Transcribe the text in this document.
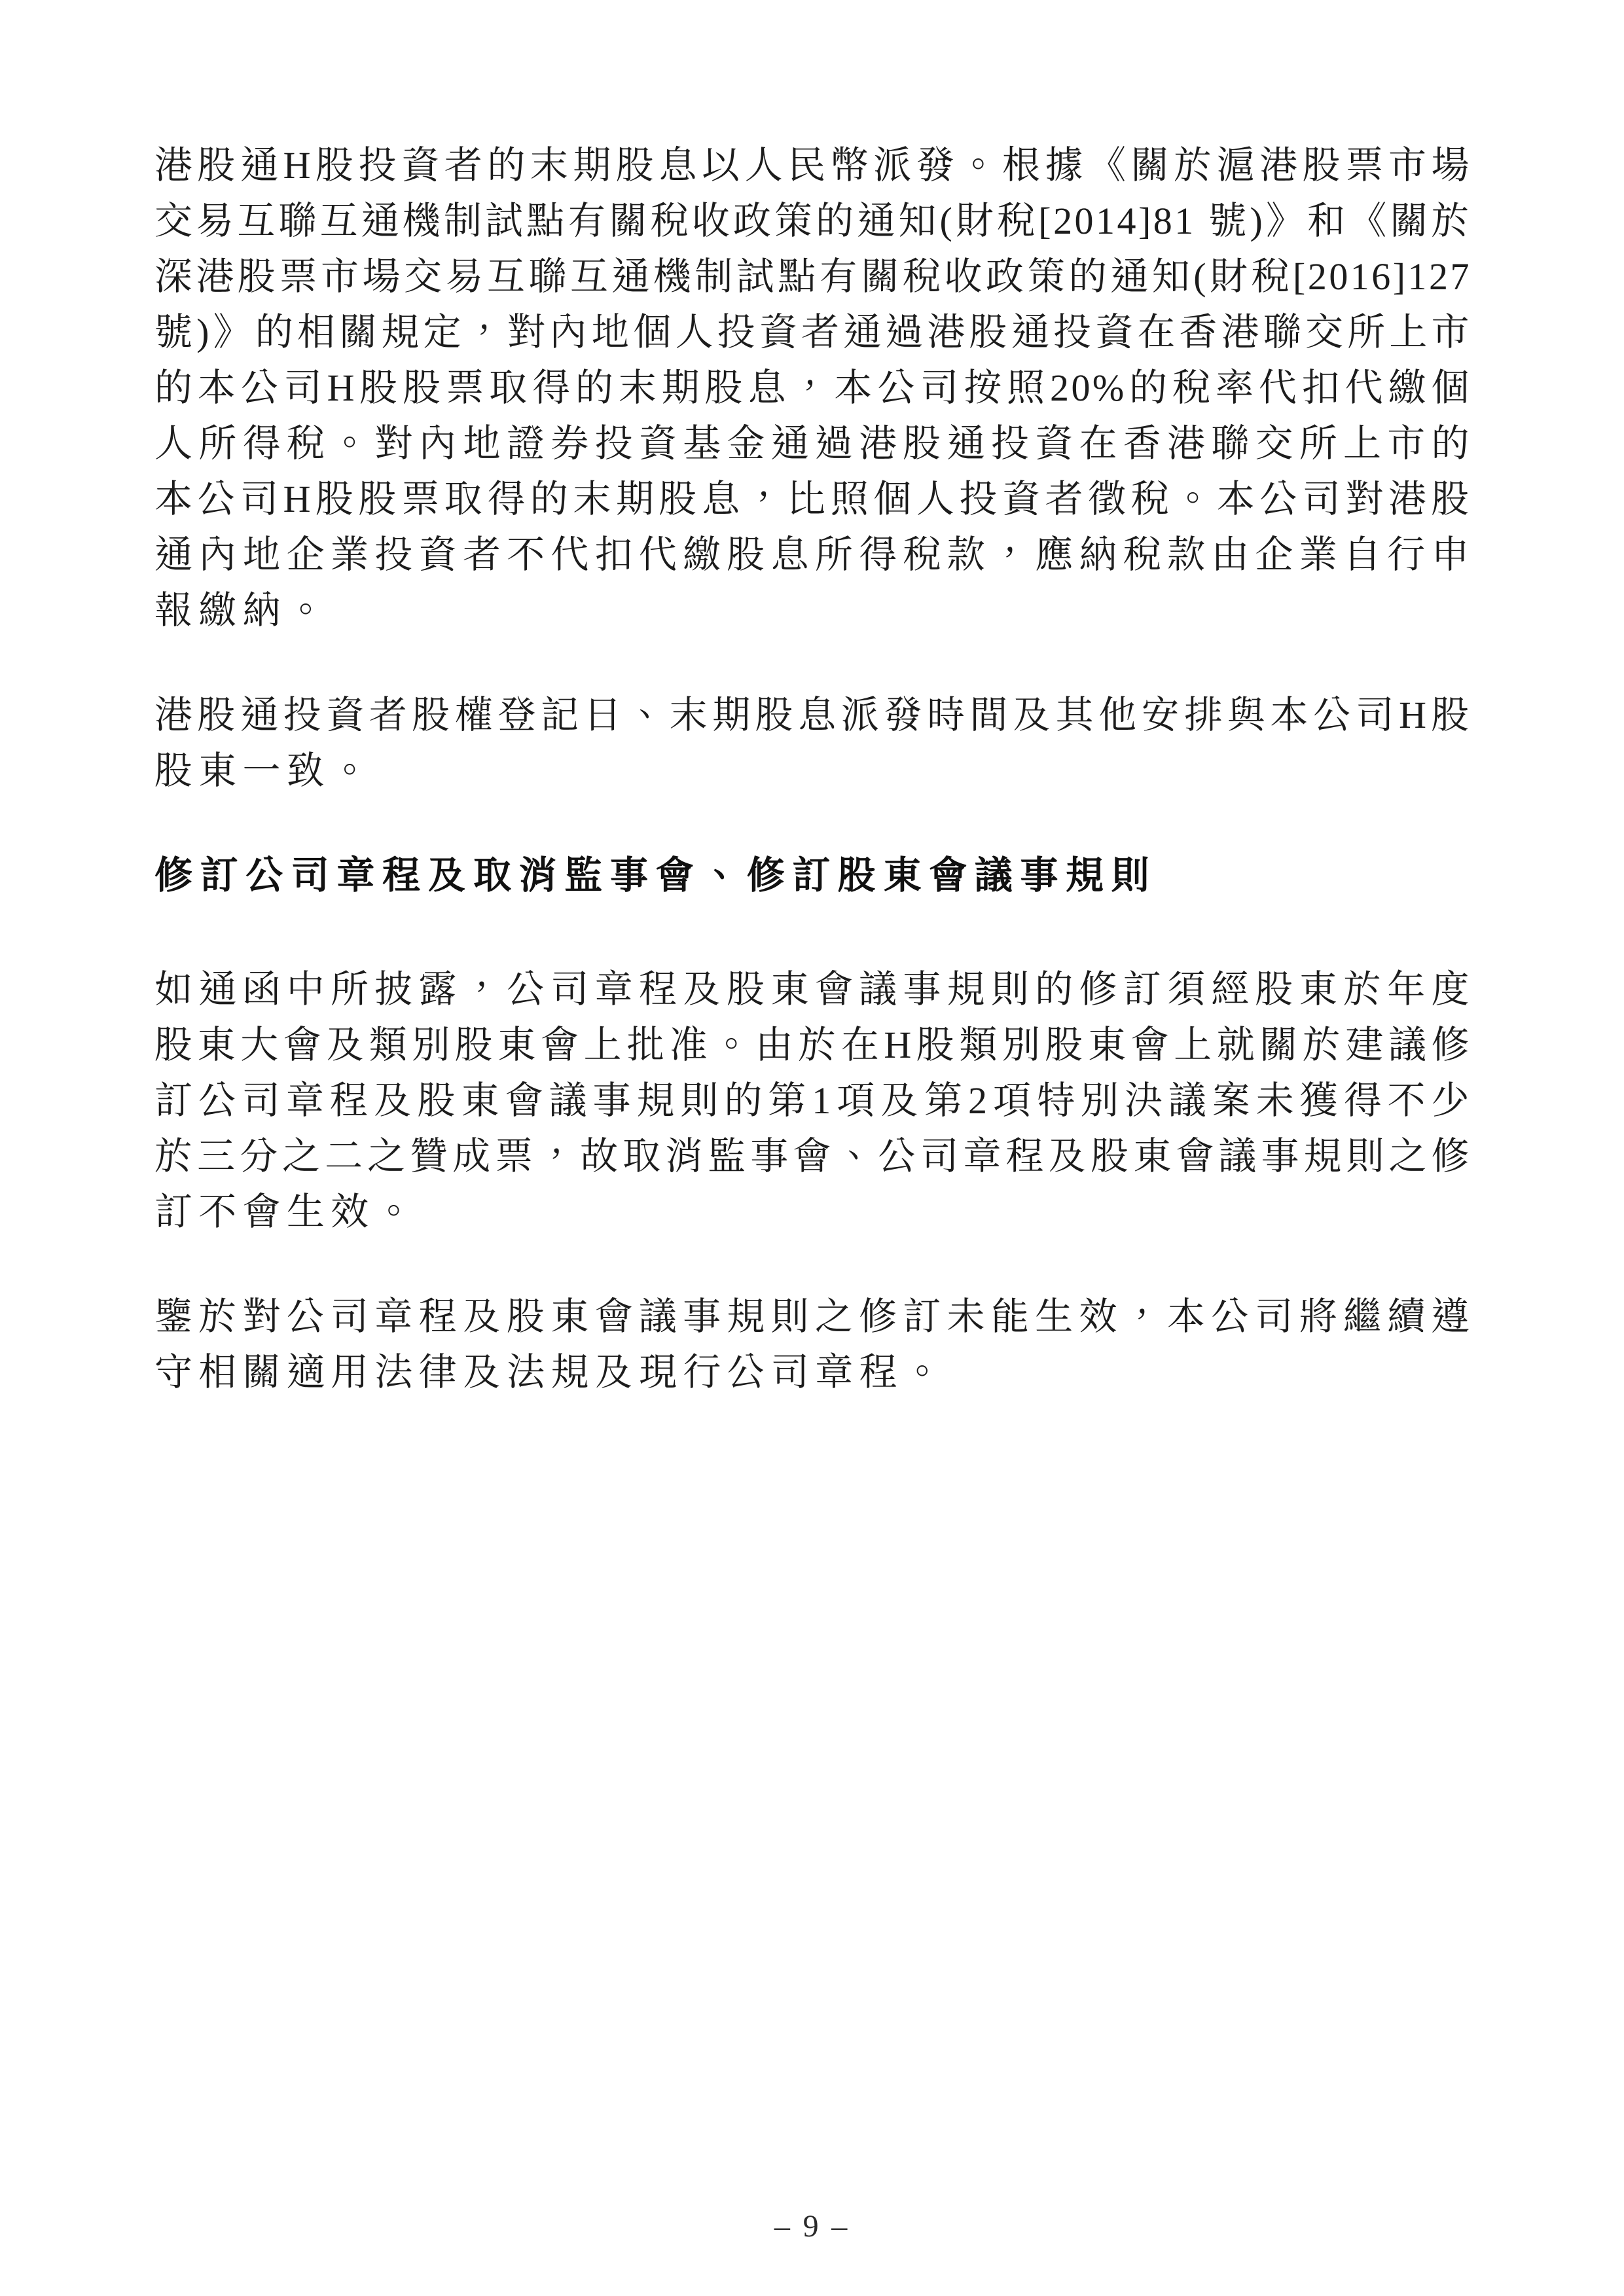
港股通H股投資者的末期股息以人民幣派發。根據《關於滬港股票市場
交易互聯互通機制試點有關稅收政策的通知(財稅[2014]81 號)》和《關於
深港股票市場交易互聯互通機制試點有關稅收政策的通知(財稅[2016]127
號)》的相關規定，對內地個人投資者通過港股通投資在香港聯交所上市
的本公司H股股票取得的末期股息，本公司按照20%的稅率代扣代繳個
人所得稅。對內地證券投資基金通過港股通投資在香港聯交所上市的
本公司H股股票取得的末期股息，比照個人投資者徵稅。本公司對港股
通內地企業投資者不代扣代繳股息所得稅款，應納稅款由企業自行申
報繳納。
港股通投資者股權登記日、末期股息派發時間及其他安排與本公司H股
股東一致。
修訂公司章程及取消監事會、修訂股東會議事規則
如通函中所披露，公司章程及股東會議事規則的修訂須經股東於年度
股東大會及類別股東會上批准。由於在H股類別股東會上就關於建議修
訂公司章程及股東會議事規則的第1項及第2項特別決議案未獲得不少
於三分之二之贊成票，故取消監事會、公司章程及股東會議事規則之修
訂不會生效。
鑒於對公司章程及股東會議事規則之修訂未能生效，本公司將繼續遵
守相關適用法律及法規及現行公司章程。
– 9 –
